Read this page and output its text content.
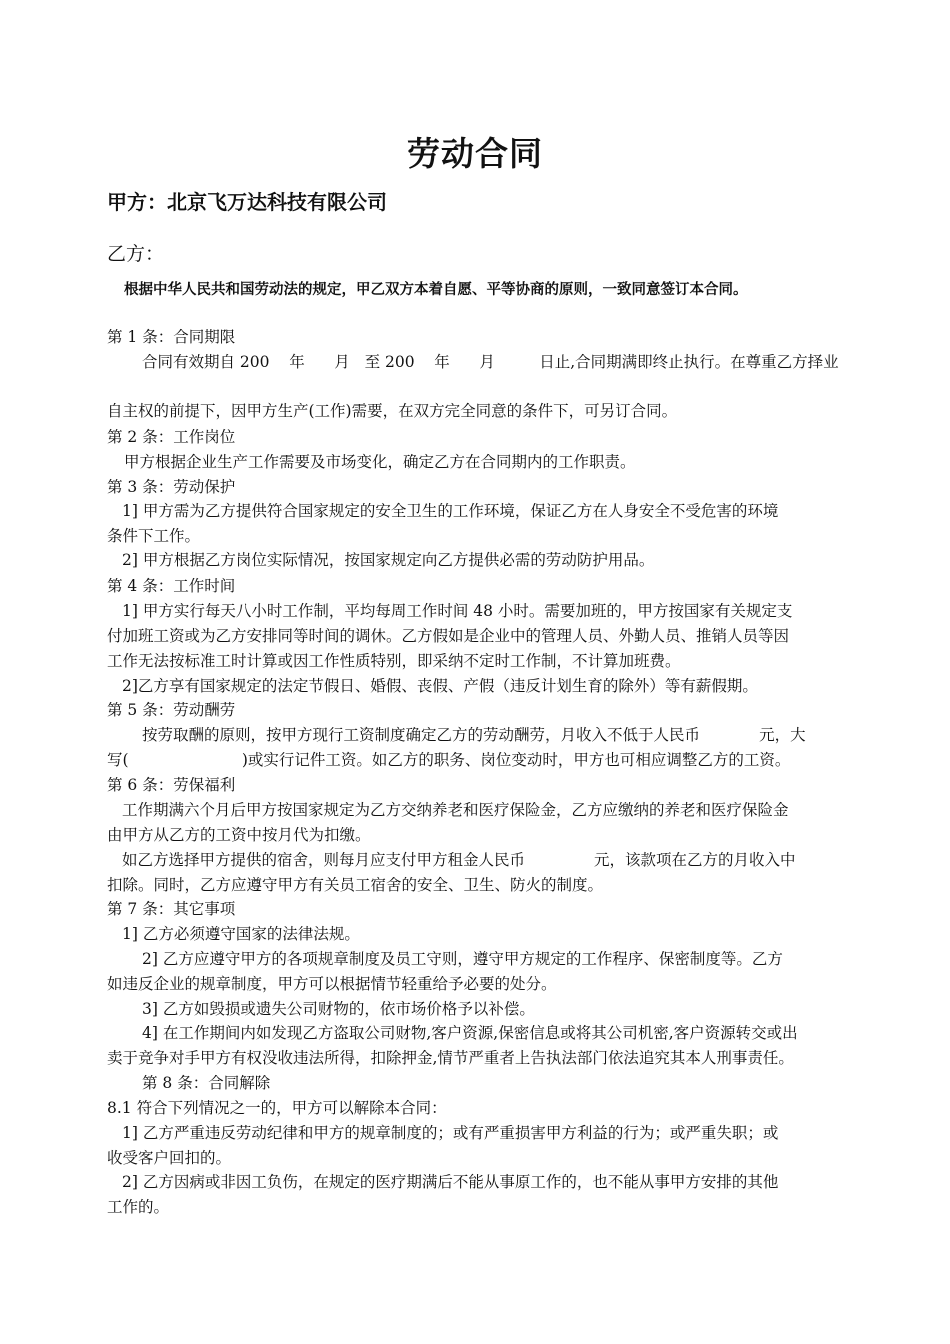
劳动合同
甲方：北京飞万达科技有限公司
乙方：
根据中华人民共和国劳动法的规定，甲乙双方本着自愿、平等协商的原则，一致同意签订本合同。
第 1 条：合同期限
合同有效期自 200    年      月   至 200    年      月         日止,合同期满即终止执行。在尊重乙方择业
自主权的前提下，因甲方生产(工作)需要，在双方完全同意的条件下，可另订合同。
第 2 条：工作岗位
甲方根据企业生产工作需要及市场变化，确定乙方在合同期内的工作职责。
第 3 条：劳动保护
1] 甲方需为乙方提供符合国家规定的安全卫生的工作环境，保证乙方在人身安全不受危害的环境
条件下工作。
2] 甲方根据乙方岗位实际情况，按国家规定向乙方提供必需的劳动防护用品。
第 4 条：工作时间
1] 甲方实行每天八小时工作制，平均每周工作时间 48 小时。需要加班的，甲方按国家有关规定支
付加班工资或为乙方安排同等时间的调休。乙方假如是企业中的管理人员、外勤人员、推销人员等因
工作无法按标准工时计算或因工作性质特别，即采纳不定时工作制，不计算加班费。
2]乙方享有国家规定的法定节假日、婚假、丧假、产假（违反计划生育的除外）等有薪假期。
第 5 条：劳动酬劳
按劳取酬的原则，按甲方现行工资制度确定乙方的劳动酬劳，月收入不低于人民币            元，大
写(                       )或实行记件工资。如乙方的职务、岗位变动时，甲方也可相应调整乙方的工资。
第 6 条：劳保福利
工作期满六个月后甲方按国家规定为乙方交纳养老和医疗保险金，乙方应缴纳的养老和医疗保险金
由甲方从乙方的工资中按月代为扣缴。
如乙方选择甲方提供的宿舍，则每月应支付甲方租金人民币              元，该款项在乙方的月收入中
扣除。同时，乙方应遵守甲方有关员工宿舍的安全、卫生、防火的制度。
第 7 条：其它事项
1] 乙方必须遵守国家的法律法规。
2] 乙方应遵守甲方的各项规章制度及员工守则，遵守甲方规定的工作程序、保密制度等。乙方
如违反企业的规章制度，甲方可以根据情节轻重给予必要的处分。
3] 乙方如毁损或遗失公司财物的，依市场价格予以补偿。
4] 在工作期间内如发现乙方盗取公司财物,客户资源,保密信息或将其公司机密,客户资源转交或出
卖于竞争对手甲方有权没收违法所得，扣除押金,情节严重者上告执法部门依法追究其本人刑事责任。
第 8 条：合同解除
8.1 符合下列情况之一的，甲方可以解除本合同：
1] 乙方严重违反劳动纪律和甲方的规章制度的；或有严重损害甲方利益的行为；或严重失职；或
收受客户回扣的。
2] 乙方因病或非因工负伤，在规定的医疗期满后不能从事原工作的，也不能从事甲方安排的其他
工作的。
